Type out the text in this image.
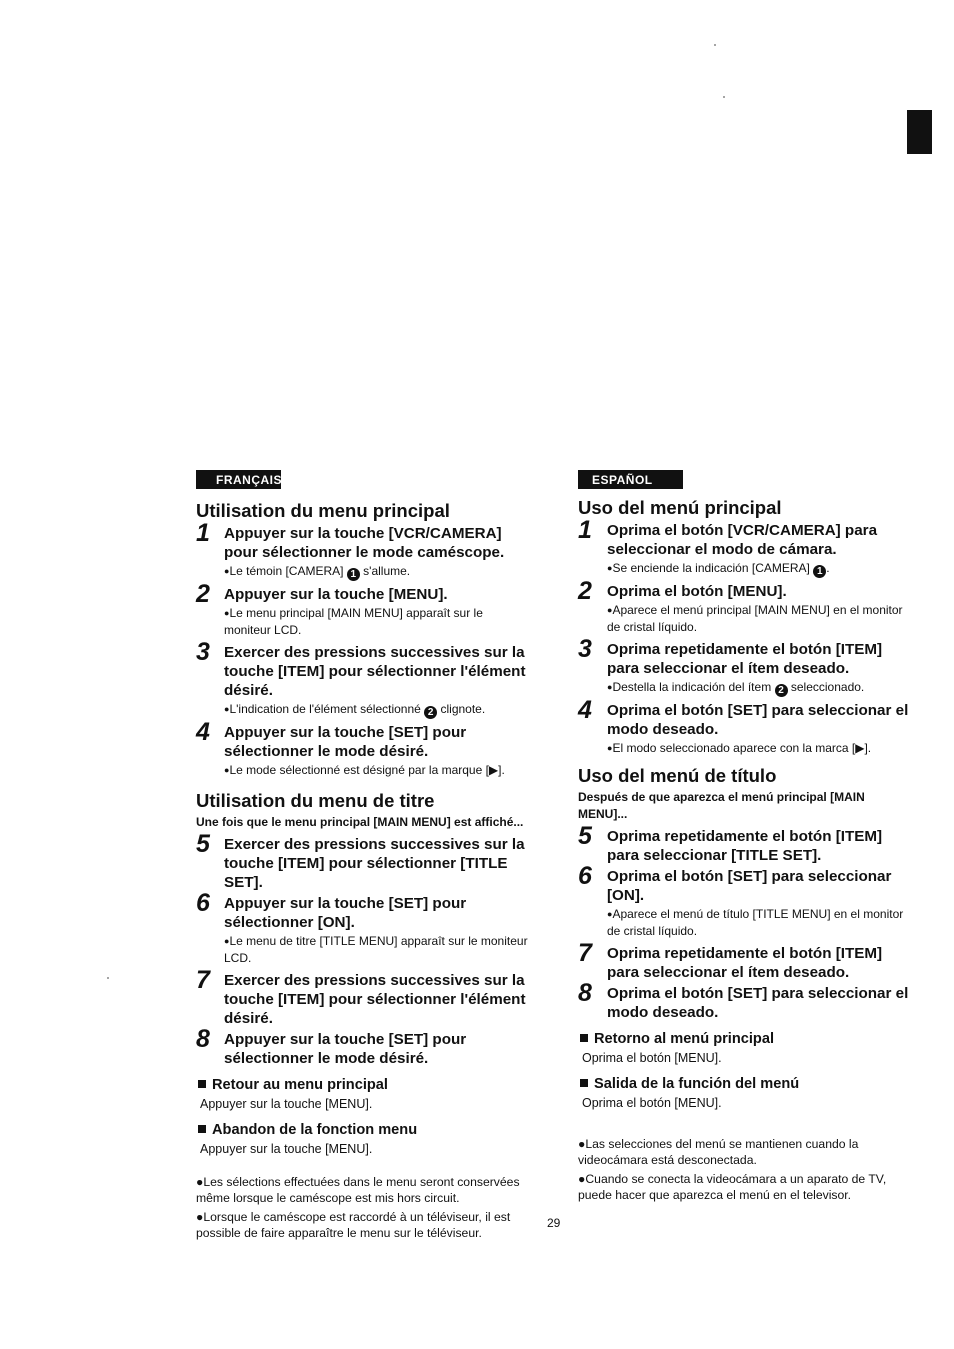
FRANÇAIS
Utilisation du menu principal
1 Appuyer sur la touche [VCR/CAMERA] pour sélectionner le mode caméscope.
●Le témoin [CAMERA] 1 s'allume.
2 Appuyer sur la touche [MENU].
●Le menu principal [MAIN MENU] apparaît sur le moniteur LCD.
3 Exercer des pressions successives sur la touche [ITEM] pour sélectionner l'élément désiré.
●L'indication de l'élément sélectionné 2 clignote.
4 Appuyer sur la touche [SET] pour sélectionner le mode désiré.
●Le mode sélectionné est désigné par la marque [▶].
Utilisation du menu de titre
Une fois que le menu principal [MAIN MENU] est affiché...
5 Exercer des pressions successives sur la touche [ITEM] pour sélectionner [TITLE SET].
6 Appuyer sur la touche [SET] pour sélectionner [ON].
●Le menu de titre [TITLE MENU] apparaît sur le moniteur LCD.
7 Exercer des pressions successives sur la touche [ITEM] pour sélectionner l'élément désiré.
8 Appuyer sur la touche [SET] pour sélectionner le mode désiré.
Retour au menu principal
Appuyer sur la touche [MENU].
Abandon de la fonction menu
Appuyer sur la touche [MENU].

●Les sélections effectuées dans le menu seront conservées même lorsque le caméscope est mis hors circuit.

●Lorsque le caméscope est raccordé à un téléviseur, il est possible de faire apparaître le menu sur le téléviseur.

ESPAÑOL
Uso del menú principal
1 Oprima el botón [VCR/CAMERA] para seleccionar el modo de cámara.
●Se enciende la indicación [CAMERA] 1 .
2 Oprima el botón [MENU].
●Aparece el menú principal [MAIN MENU] en el monitor de cristal líquido.
3 Oprima repetidamente el botón [ITEM] para seleccionar el ítem deseado.
●Destella la indicación del ítem 2 seleccionado.
4 Oprima el botón [SET] para seleccionar el modo deseado.
●El modo seleccionado aparece con la marca [▶].
Uso del menú de título
Después de que aparezca el menú principal [MAIN MENU]...
5 Oprima repetidamente el botón [ITEM] para seleccionar [TITLE SET].
6 Oprima el botón [SET] para seleccionar [ON].
●Aparece el menú de título [TITLE MENU] en el monitor de cristal líquido.
7 Oprima repetidamente el botón [ITEM] para seleccionar el ítem deseado.
8 Oprima el botón [SET] para seleccionar el modo deseado.
Retorno al menú principal
Oprima el botón [MENU].
Salida de la función del menú
Oprima el botón [MENU].

●Las selecciones del menú se mantienen cuando la videocámara está desconectada.

●Cuando se conecta la videocámara a un aparato de TV, puede hacer que aparezca el menú en el televisor.

29
